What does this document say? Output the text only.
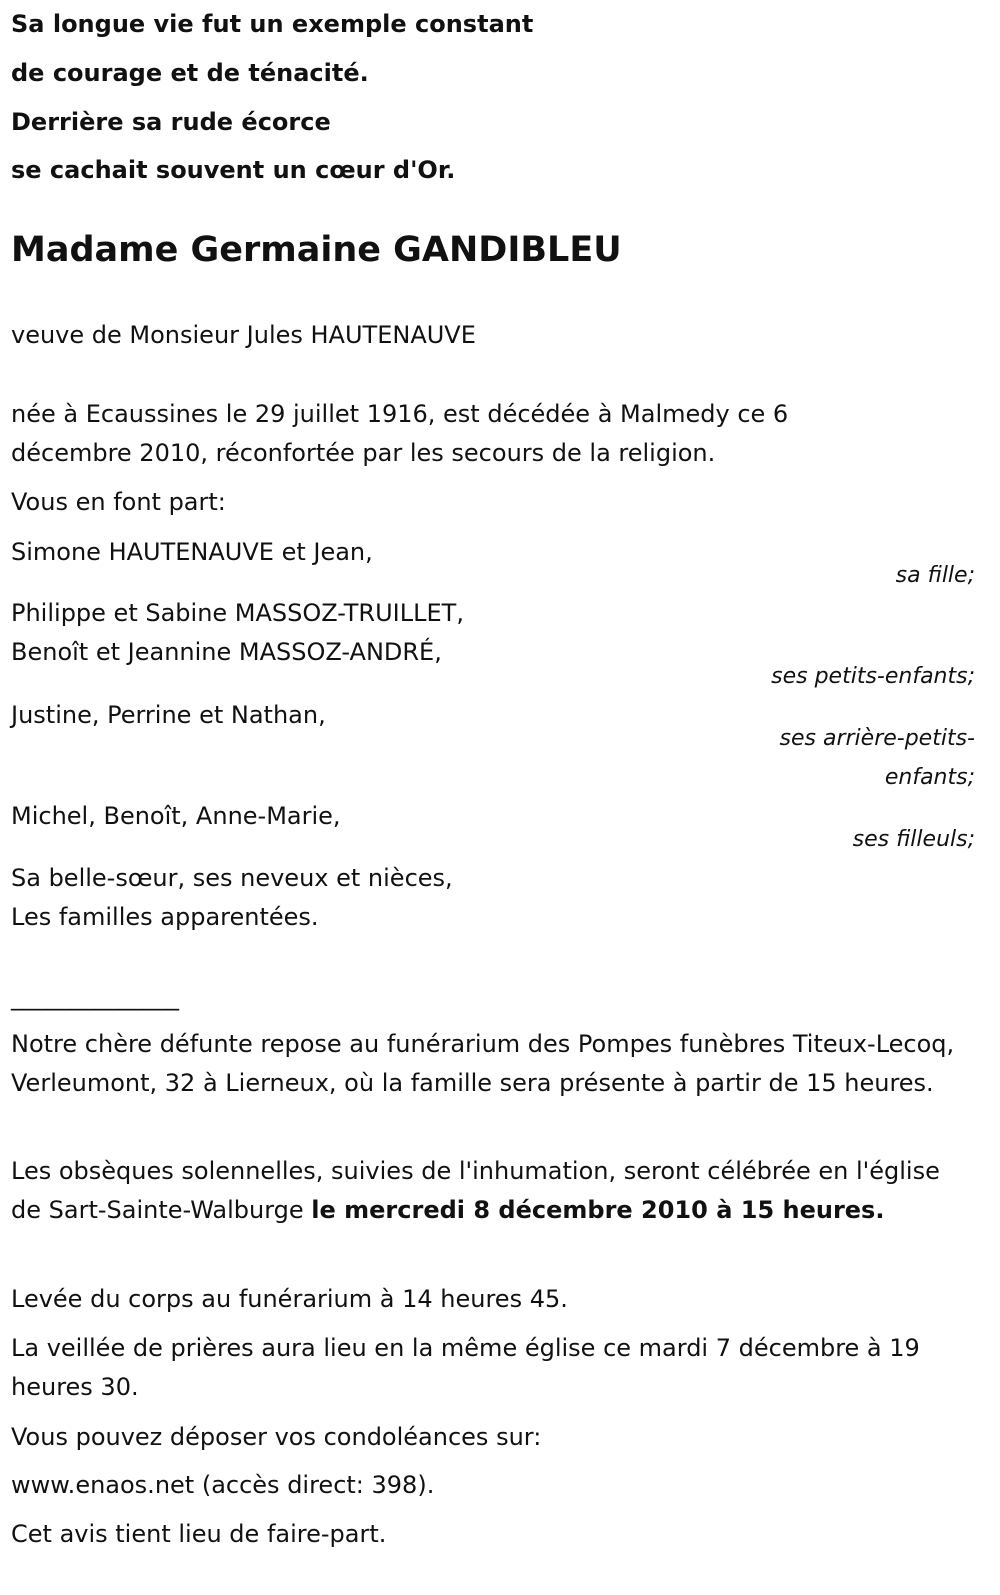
Sa longue vie fut un exemple constant
de courage et de ténacité.
Derrière sa rude écorce
se cachait souvent un cœur d'Or.
Madame Germaine GANDIBLEU
veuve de Monsieur Jules HAUTENAUVE
née à Ecaussines le 29 juillet 1916, est décédée à Malmedy ce 6
décembre 2010, réconfortée par les secours de la religion.
Vous en font part:
Simone HAUTENAUVE et Jean,
sa fille;
Philippe et Sabine MASSOZ-TRUILLET,
Benoît et Jeannine MASSOZ-ANDRÉ,
ses petits-enfants;
Justine, Perrine et Nathan,
ses arrière-petits-
enfants;
Michel, Benoît, Anne-Marie,
ses filleuls;
Sa belle-sœur, ses neveux et nièces,
Les familles apparentées.
______________
Notre chère défunte repose au funérarium des Pompes funèbres Titeux-Lecoq, Verleumont, 32 à Lierneux, où la famille sera présente à partir de 15 heures.
Les obsèques solennelles, suivies de l'inhumation, seront célébrée en l'église de Sart-Sainte-Walburge le mercredi 8 décembre 2010 à 15 heures.
Levée du corps au funérarium à 14 heures 45.
La veillée de prières aura lieu en la même église ce mardi 7 décembre à 19 heures 30.
Vous pouvez déposer vos condoléances sur:
www.enaos.net (accès direct: 398).
Cet avis tient lieu de faire-part.
